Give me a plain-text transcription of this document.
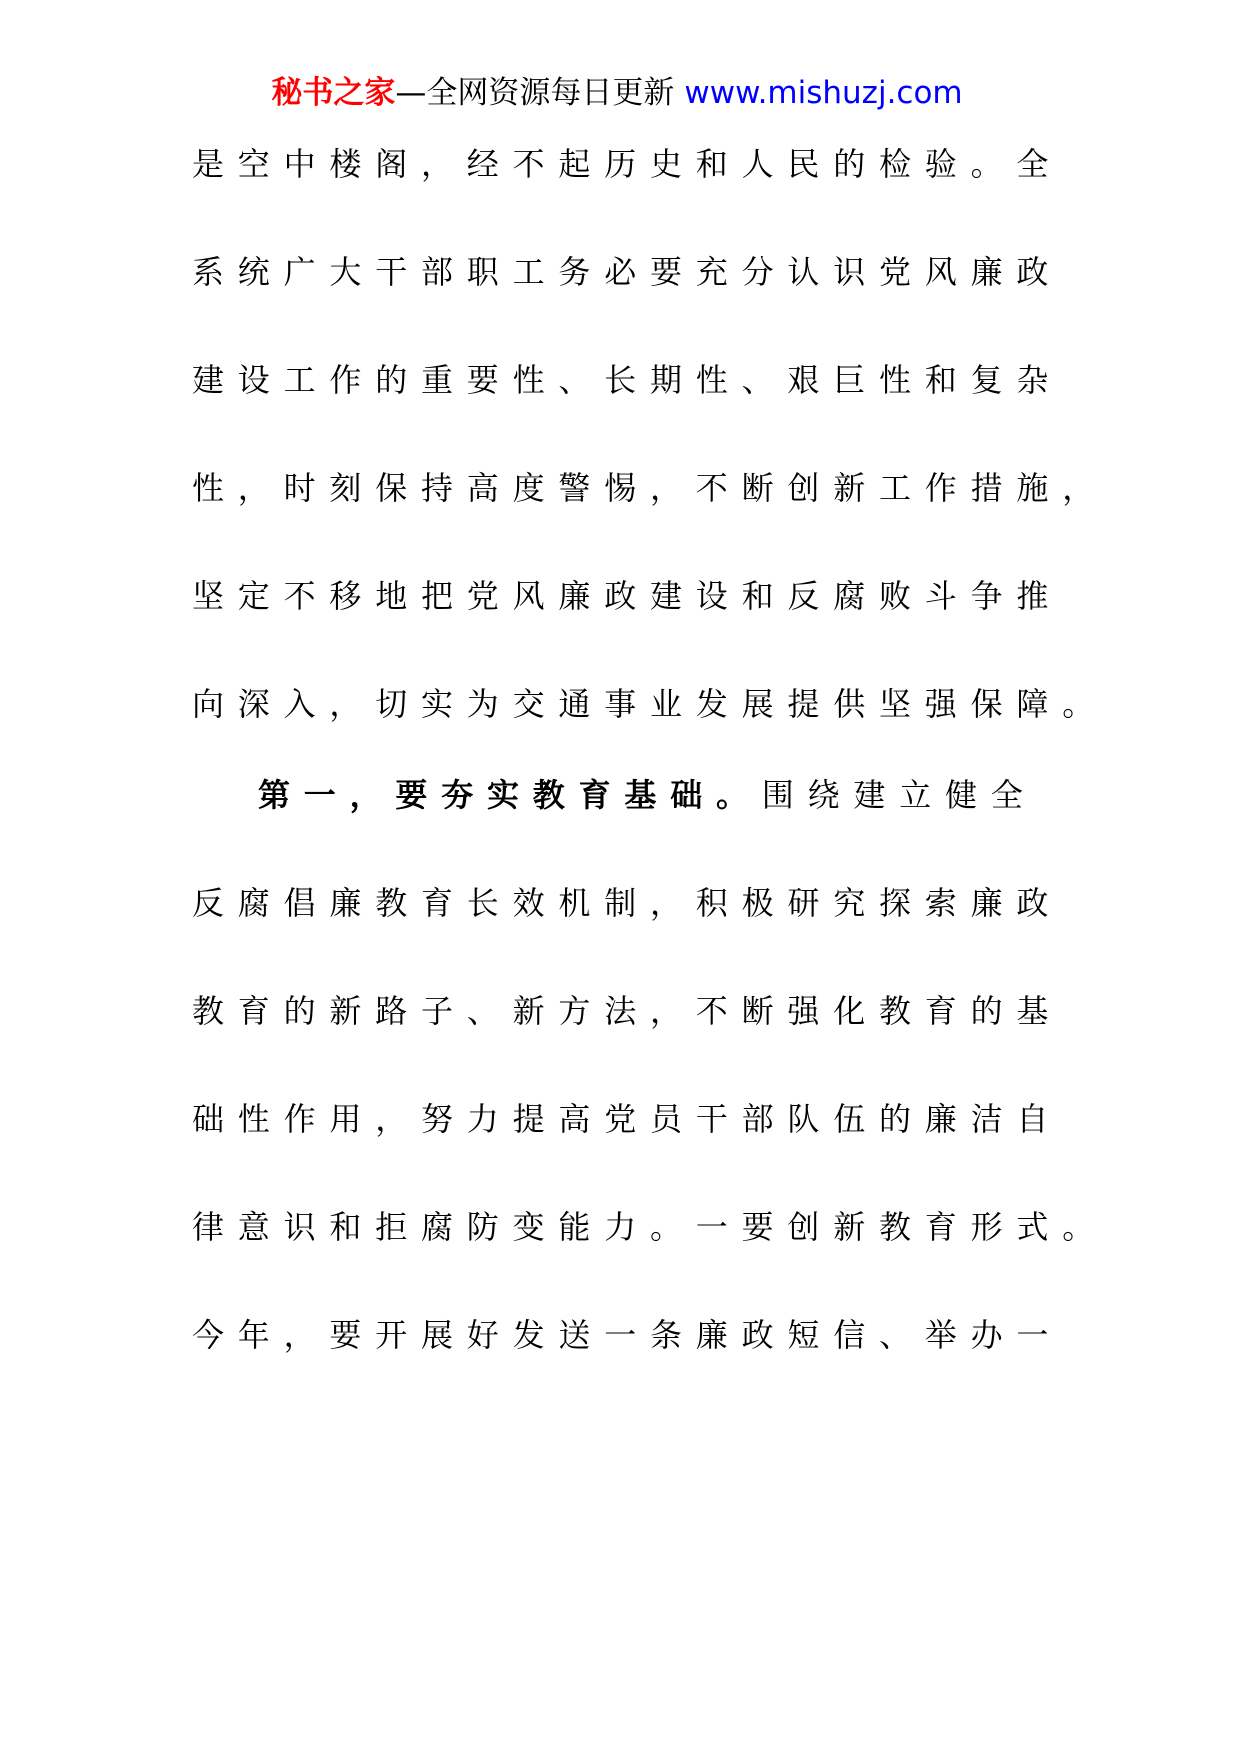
秘书之家—全网资源每日更新 www.mishuzj.com
是空中楼阁，经不起历史和人民的检验。全
系统广大干部职工务必要充分认识党风廉政
建设工作的重要性、长期性、艰巨性和复杂
性，时刻保持高度警惕，不断创新工作措施，
坚定不移地把党风廉政建设和反腐败斗争推
向深入，切实为交通事业发展提供坚强保障。
第一，要夯实教育基础。围绕建立健全
反腐倡廉教育长效机制，积极研究探索廉政
教育的新路子、新方法，不断强化教育的基
础性作用，努力提高党员干部队伍的廉洁自
律意识和拒腐防变能力。一要创新教育形式。
今年，要开展好发送一条廉政短信、举办一
